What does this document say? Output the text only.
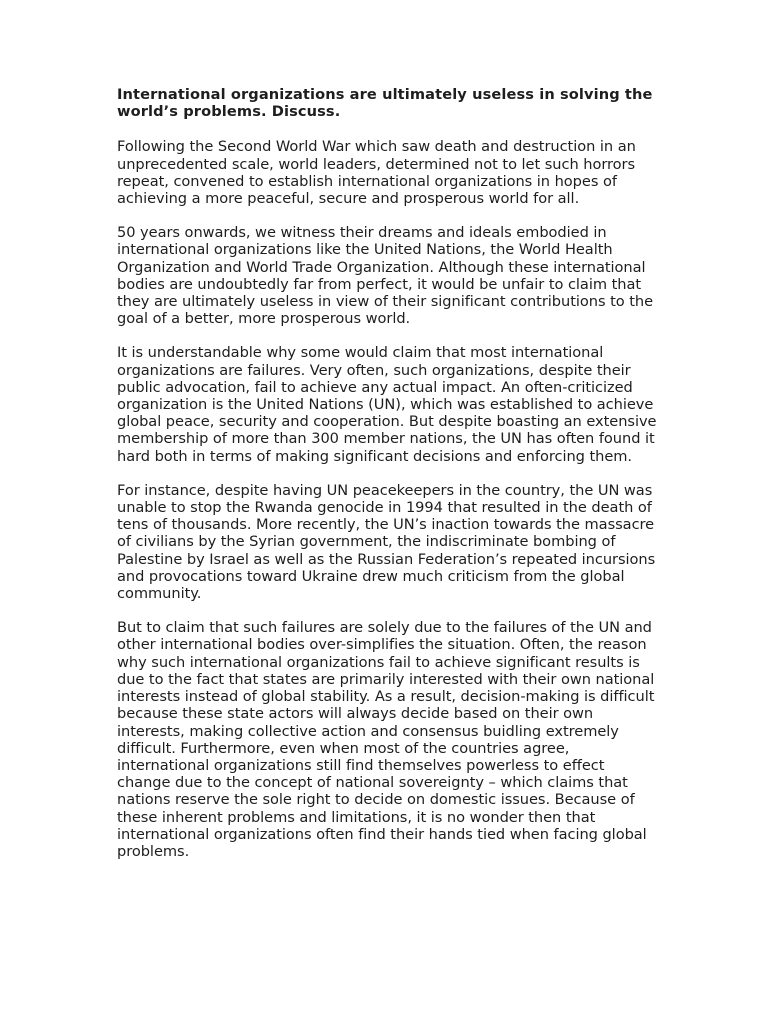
International organizations are ultimately useless in solving the world’s problems. Discuss.

Following the Second World War which saw death and destruction in an unprecedented scale, world leaders, determined not to let such horrors repeat, convened to establish international organizations in hopes of achieving a more peaceful, secure and prosperous world for all.

50 years onwards, we witness their dreams and ideals embodied in international organizations like the United Nations, the World Health Organization and World Trade Organization. Although these international bodies are undoubtedly far from perfect, it would be unfair to claim that they are ultimately useless in view of their significant contributions to the goal of a better, more prosperous world.

It is understandable why some would claim that most international organizations are failures. Very often, such organizations, despite their public advocation, fail to achieve any actual impact. An often-criticized organization is the United Nations (UN), which was established to achieve global peace, security and cooperation. But despite boasting an extensive membership of more than 300 member nations, the UN has often found it hard both in terms of making significant decisions and enforcing them.

For instance, despite having UN peacekeepers in the country, the UN was unable to stop the Rwanda genocide in 1994 that resulted in the death of tens of thousands. More recently, the UN’s inaction towards the massacre of civilians by the Syrian government, the indiscriminate bombing of Palestine by Israel as well as the Russian Federation’s repeated incursions and provocations toward Ukraine drew much criticism from the global community.

But to claim that such failures are solely due to the failures of the UN and other international bodies over-simplifies the situation. Often, the reason why such international organizations fail to achieve significant results is due to the fact that states are primarily interested with their own national interests instead of global stability. As a result, decision-making is difficult because these state actors will always decide based on their own interests, making collective action and consensus buidling extremely difficult. Furthermore, even when most of the countries agree, international organizations still find themselves powerless to effect change due to the concept of national sovereignty – which claims that nations reserve the sole right to decide on domestic issues. Because of these inherent problems and limitations, it is no wonder then that international organizations often find their hands tied when facing global problems.
